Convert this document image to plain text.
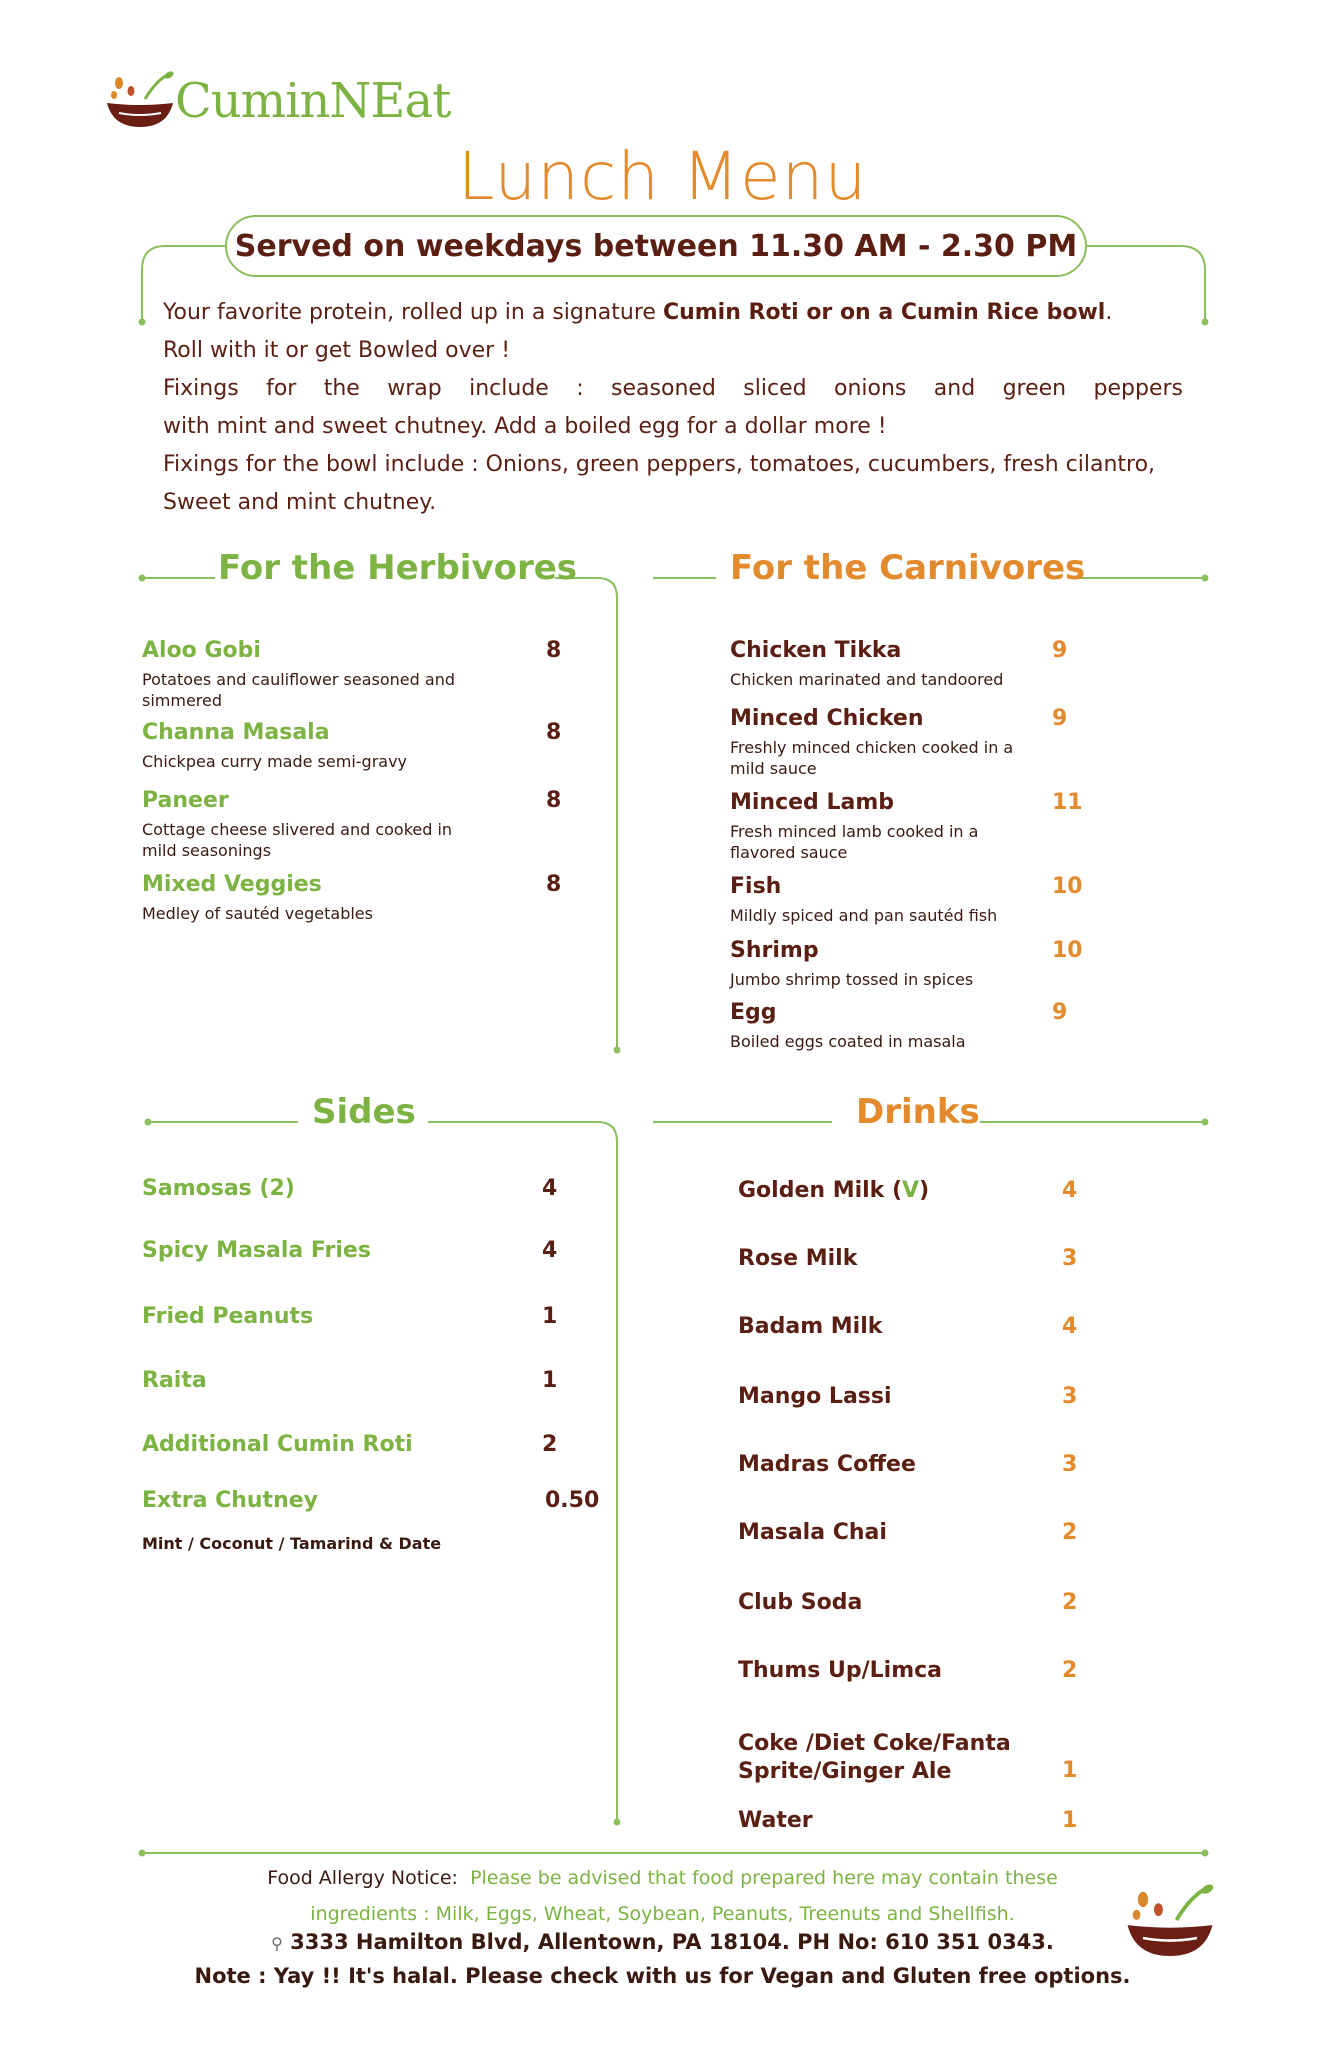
CuminNEat
Lunch Menu
Served on weekdays between 11.30 AM - 2.30 PM

Your favorite protein, rolled up in a signature Cumin Roti or on a Cumin Rice bowl.

Roll with it or get Bowled over !

Fixings for the wrap include : seasoned sliced onions and green peppers

with mint and sweet chutney. Add a boiled egg for a dollar more !

Fixings for the bowl include : Onions, green peppers, tomatoes, cucumbers, fresh cilantro,

Sweet and mint chutney.

For the Herbivores
Aloo Gobi
Potatoes and cauliflower seasoned and simmered
8
Channa Masala
Chickpea curry made semi-gravy
8
Paneer
Cottage cheese slivered and cooked in mild seasonings
8
Mixed Veggies
Medley of sautéd vegetables
8
For the Carnivores
Chicken Tikka
Chicken marinated and tandoored
9
Minced Chicken
Freshly minced chicken cooked in a mild sauce
9
Minced Lamb
Fresh minced lamb cooked in a flavored sauce
11
Fish
Mildly spiced and pan sautéd fish
10
Shrimp
Jumbo shrimp tossed in spices
10
Egg
Boiled eggs coated in masala
9
Sides
Samosas (2)	4
Spicy Masala Fries	4
Fried Peanuts	1
Raita	1
Additional Cumin Roti	2
Extra Chutney	0.50
Mint / Coconut / Tamarind & Date
Drinks
Golden Milk (V)	4
Rose Milk	3
Badam Milk	4
Mango Lassi	3
Madras Coffee	3
Masala Chai	2
Club Soda	2
Thums Up/Limca	2
Coke /Diet Coke/Fanta
Sprite/Ginger Ale	1
Water	1
Food Allergy Notice: Please be advised that food prepared here may contain these
ingredients : Milk, Eggs, Wheat, Soybean, Peanuts, Treenuts and Shellfish.
⚲ 3333 Hamilton Blvd, Allentown, PA 18104. PH No: 610 351 0343.
Note : Yay !! It's halal. Please check with us for Vegan and Gluten free options.
